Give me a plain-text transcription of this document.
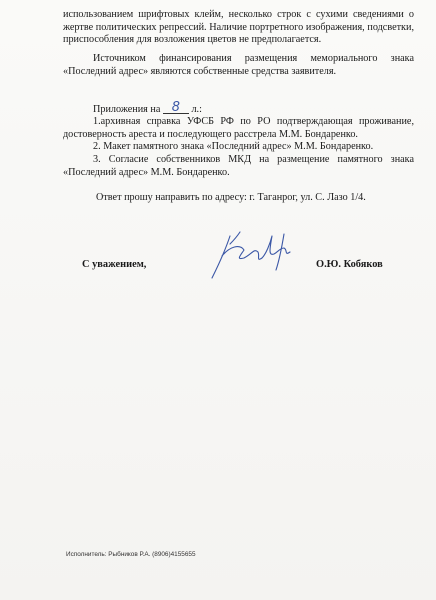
использованием шрифтовых клейм, несколько строк с сухими сведениями о
жертве политических репрессий. Наличие портретного изображения, подсветки,
приспособления для возложения цветов не предполагается.

Источником финансирования размещения мемориального знака
«Последний адрес» являются собственные средства заявителя.

Приложения на 8 л.:

1.архивная справка УФСБ РФ по РО подтверждающая проживание,
достоверность ареста и последующего расстрела М.М. Бондаренко.

2. Макет памятного знака «Последний адрес» М.М. Бондаренко.

3. Согласие собственников МКД на размещение памятного знака
«Последний адрес» М.М. Бондаренко.

Ответ прошу направить по адресу: г. Таганрог, ул. С. Лазо 1/4.
С уважением,	О.Ю. Кобяков
Исполнитель: Рыбников Р.А. (8906)4155655
